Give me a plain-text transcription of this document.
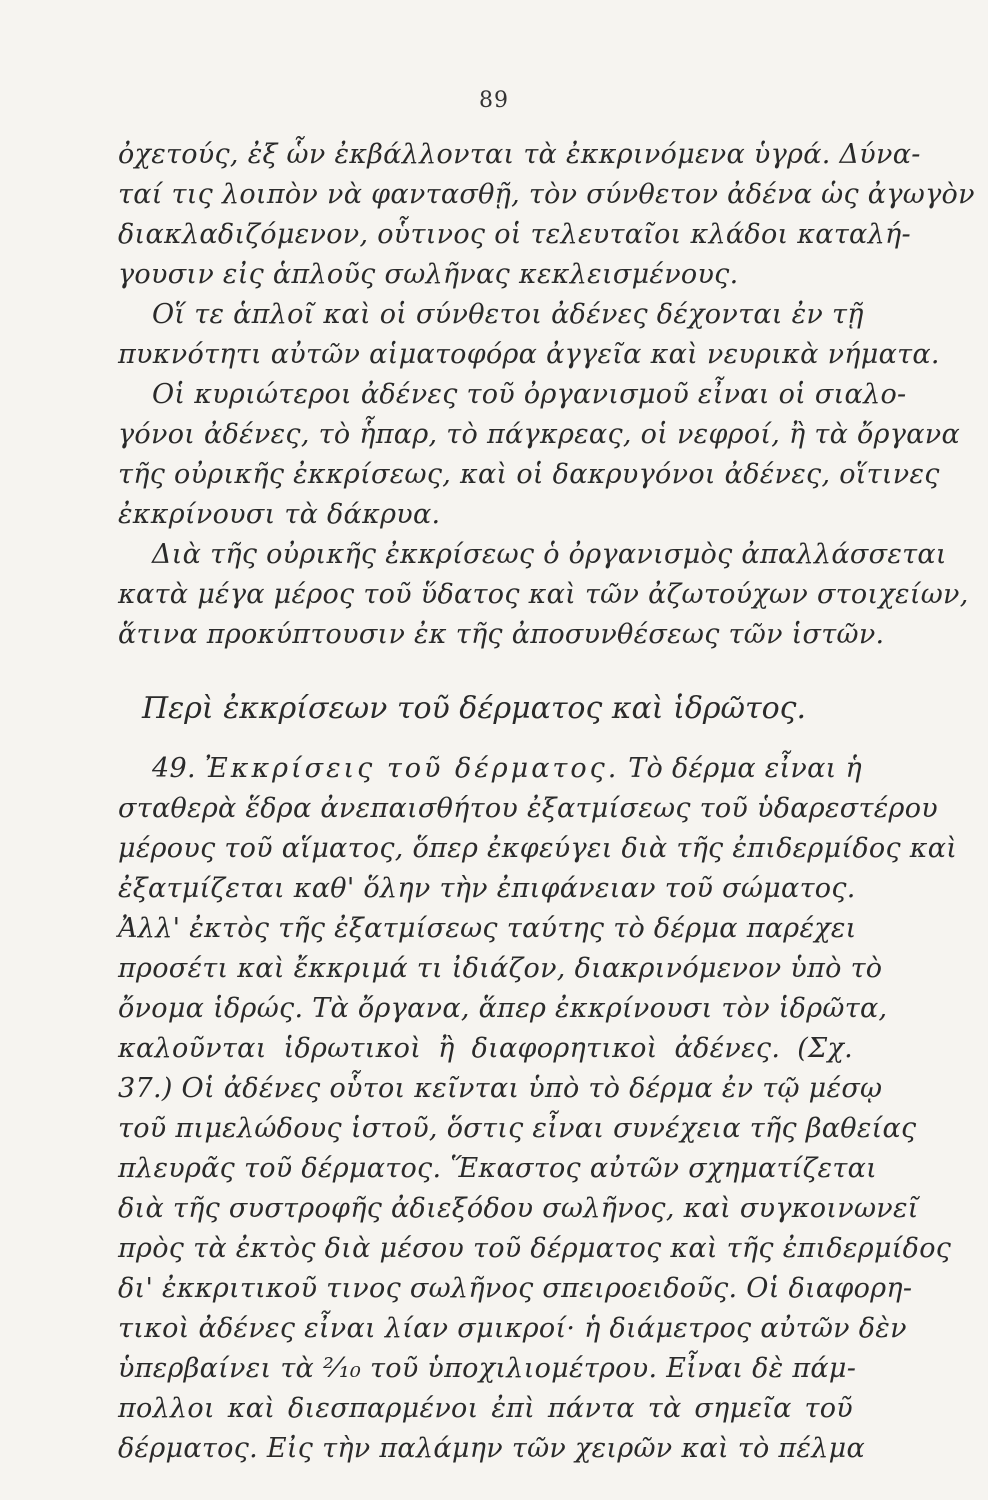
89
ὀχετούς, ἐξ ὧν ἐκβάλλονται τὰ ἐκκρινόμενα ὑγρά. Δύνα-
ταί τις λοιπὸν νὰ φαντασθῇ, τὸν σύνθετον ἀδένα ὡς ἀγωγὸν
διακλαδιζόμενον, οὗτινος οἱ τελευταῖοι κλάδοι καταλή-
γουσιν εἰς ἁπλοῦς σωλῆνας κεκλεισμένους.
Οἵ τε ἁπλοῖ καὶ οἱ σύνθετοι ἀδένες δέχονται ἐν τῇ
πυκνότητι αὐτῶν αἱματοφόρα ἀγγεῖα καὶ νευρικὰ νήματα.
Οἱ κυριώτεροι ἀδένες τοῦ ὀργανισμοῦ εἶναι οἱ σιαλο-
γόνοι ἀδένες, τὸ ἧπαρ, τὸ πάγκρεας, οἱ νεφροί, ἢ τὰ ὄργανα
τῆς οὐρικῆς ἐκκρίσεως, καὶ οἱ δακρυγόνοι ἀδένες, οἵτινες
ἐκκρίνουσι τὰ δάκρυα.
Διὰ τῆς οὐρικῆς ἐκκρίσεως ὁ ὀργανισμὸς ἀπαλλάσσεται
κατὰ μέγα μέρος τοῦ ὕδατος καὶ τῶν ἀζωτούχων στοιχείων,
ἅτινα προκύπτουσιν ἐκ τῆς ἀποσυνθέσεως τῶν ἱστῶν.
Περὶ ἐκκρίσεων τοῦ δέρματος καὶ ἱδρῶτος.
49. Ἐκκρίσεις τοῦ δέρματος. Τὸ δέρμα εἶναι ἡ
σταθερὰ ἕδρα ἀνεπαισθήτου ἐξατμίσεως τοῦ ὑδαρεστέρου
μέρους τοῦ αἵματος, ὅπερ ἐκφεύγει διὰ τῆς ἐπιδερμίδος καὶ
ἐξατμίζεται καθ' ὅλην τὴν ἐπιφάνειαν τοῦ σώματος.
Ἀλλ' ἐκτὸς τῆς ἐξατμίσεως ταύτης τὸ δέρμα παρέχει
προσέτι καὶ ἔκκριμά τι ἰδιάζον, διακρινόμενον ὑπὸ τὸ
ὄνομα ἱδρώς. Τὰ ὄργανα, ἅπερ ἐκκρίνουσι τὸν ἱδρῶτα,
καλοῦνται ἱδρωτικοὶ ἢ διαφορητικοὶ ἀδένες. (Σχ.
37.) Οἱ ἀδένες οὗτοι κεῖνται ὑπὸ τὸ δέρμα ἐν τῷ μέσῳ
τοῦ πιμελώδους ἱστοῦ, ὅστις εἶναι συνέχεια τῆς βαθείας
πλευρᾶς τοῦ δέρματος. Ἕκαστος αὐτῶν σχηματίζεται
διὰ τῆς συστροφῆς ἀδιεξόδου σωλῆνος, καὶ συγκοινωνεῖ
πρὸς τὰ ἐκτὸς διὰ μέσου τοῦ δέρματος καὶ τῆς ἐπιδερμίδος
δι' ἐκκριτικοῦ τινος σωλῆνος σπειροειδοῦς. Οἱ διαφορη-
τικοὶ ἀδένες εἶναι λίαν σμικροί· ἡ διάμετρος αὐτῶν δὲν
ὑπερβαίνει τὰ ²⁄₁₀ τοῦ ὑποχιλιομέτρου. Εἶναι δὲ πάμ-
πολλοι καὶ διεσπαρμένοι ἐπὶ πάντα τὰ σημεῖα τοῦ
δέρματος. Εἰς τὴν παλάμην τῶν χειρῶν καὶ τὸ πέλμα
